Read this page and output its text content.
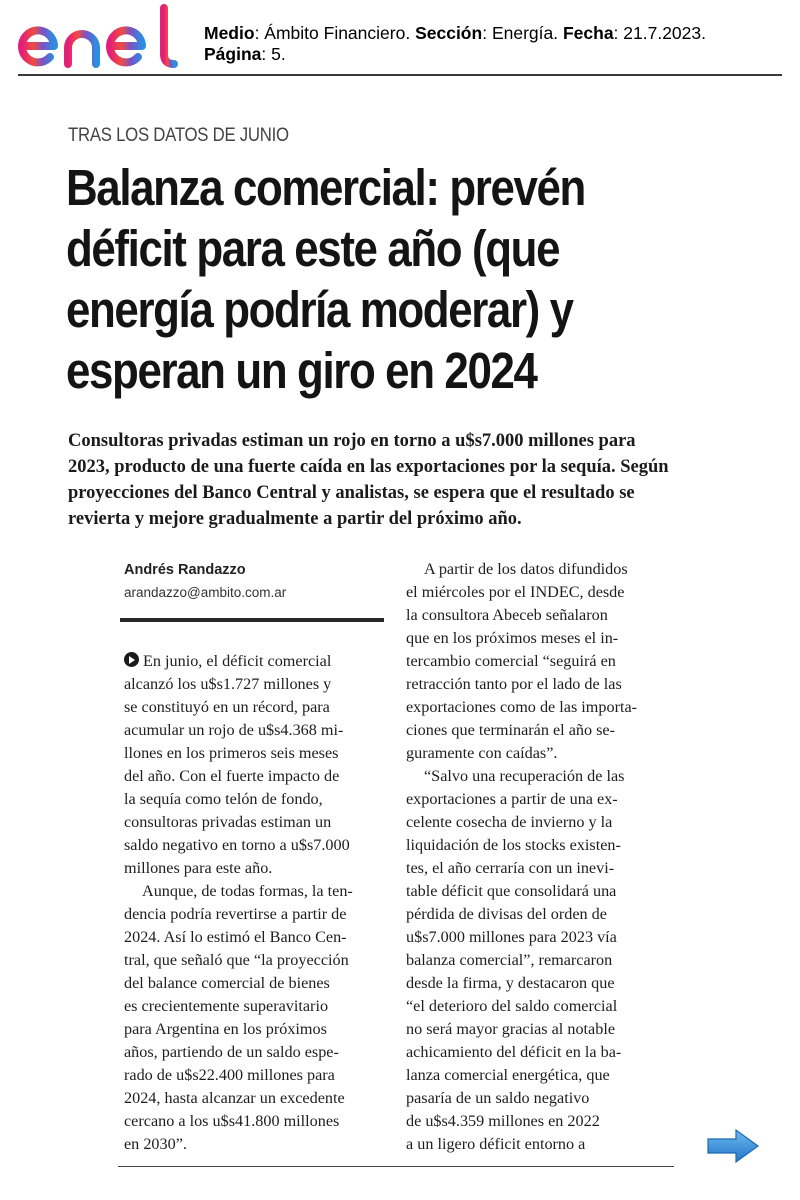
Medio: Ámbito Financiero. Sección: Energía. Fecha: 21.7.2023.
Página: 5.
TRAS LOS DATOS DE JUNIO
Balanza comercial: prevén
déficit para este año (que
energía podría moderar) y
esperan un giro en 2024
Consultoras privadas estiman un rojo en torno a u$s7.000 millones para
2023, producto de una fuerte caída en las exportaciones por la sequía. Según
proyecciones del Banco Central y analistas, se espera que el resultado se
revierta y mejore gradualmente a partir del próximo año.
Andrés Randazzo
arandazzo@ambito.com.ar
En junio, el déficit comercial
alcanzó los u$s1.727 millones y
se constituyó en un récord, para
acumular un rojo de u$s4.368 mi-
llones en los primeros seis meses
del año. Con el fuerte impacto de
la sequía como telón de fondo,
consultoras privadas estiman un
saldo negativo en torno a u$s7.000
millones para este año.
Aunque, de todas formas, la ten-
dencia podría revertirse a partir de
2024. Así lo estimó el Banco Cen-
tral, que señaló que “la proyección
del balance comercial de bienes
es crecientemente superavitario
para Argentina en los próximos
años, partiendo de un saldo espe-
rado de u$s22.400 millones para
2024, hasta alcanzar un excedente
cercano a los u$s41.800 millones
en 2030”.
A partir de los datos difundidos
el miércoles por el INDEC, desde
la consultora Abeceb señalaron
que en los próximos meses el in-
tercambio comercial “seguirá en
retracción tanto por el lado de las
exportaciones como de las importa-
ciones que terminarán el año se-
guramente con caídas”.
“Salvo una recuperación de las
exportaciones a partir de una ex-
celente cosecha de invierno y la
liquidación de los stocks existen-
tes, el año cerraría con un inevi-
table déficit que consolidará una
pérdida de divisas del orden de
u$s7.000 millones para 2023 vía
balanza comercial”, remarcaron
desde la firma, y destacaron que
“el deterioro del saldo comercial
no será mayor gracias al notable
achicamiento del déficit en la ba-
lanza comercial energética, que
pasaría de un saldo negativo
de u$s4.359 millones en 2022
a un ligero déficit entorno a
